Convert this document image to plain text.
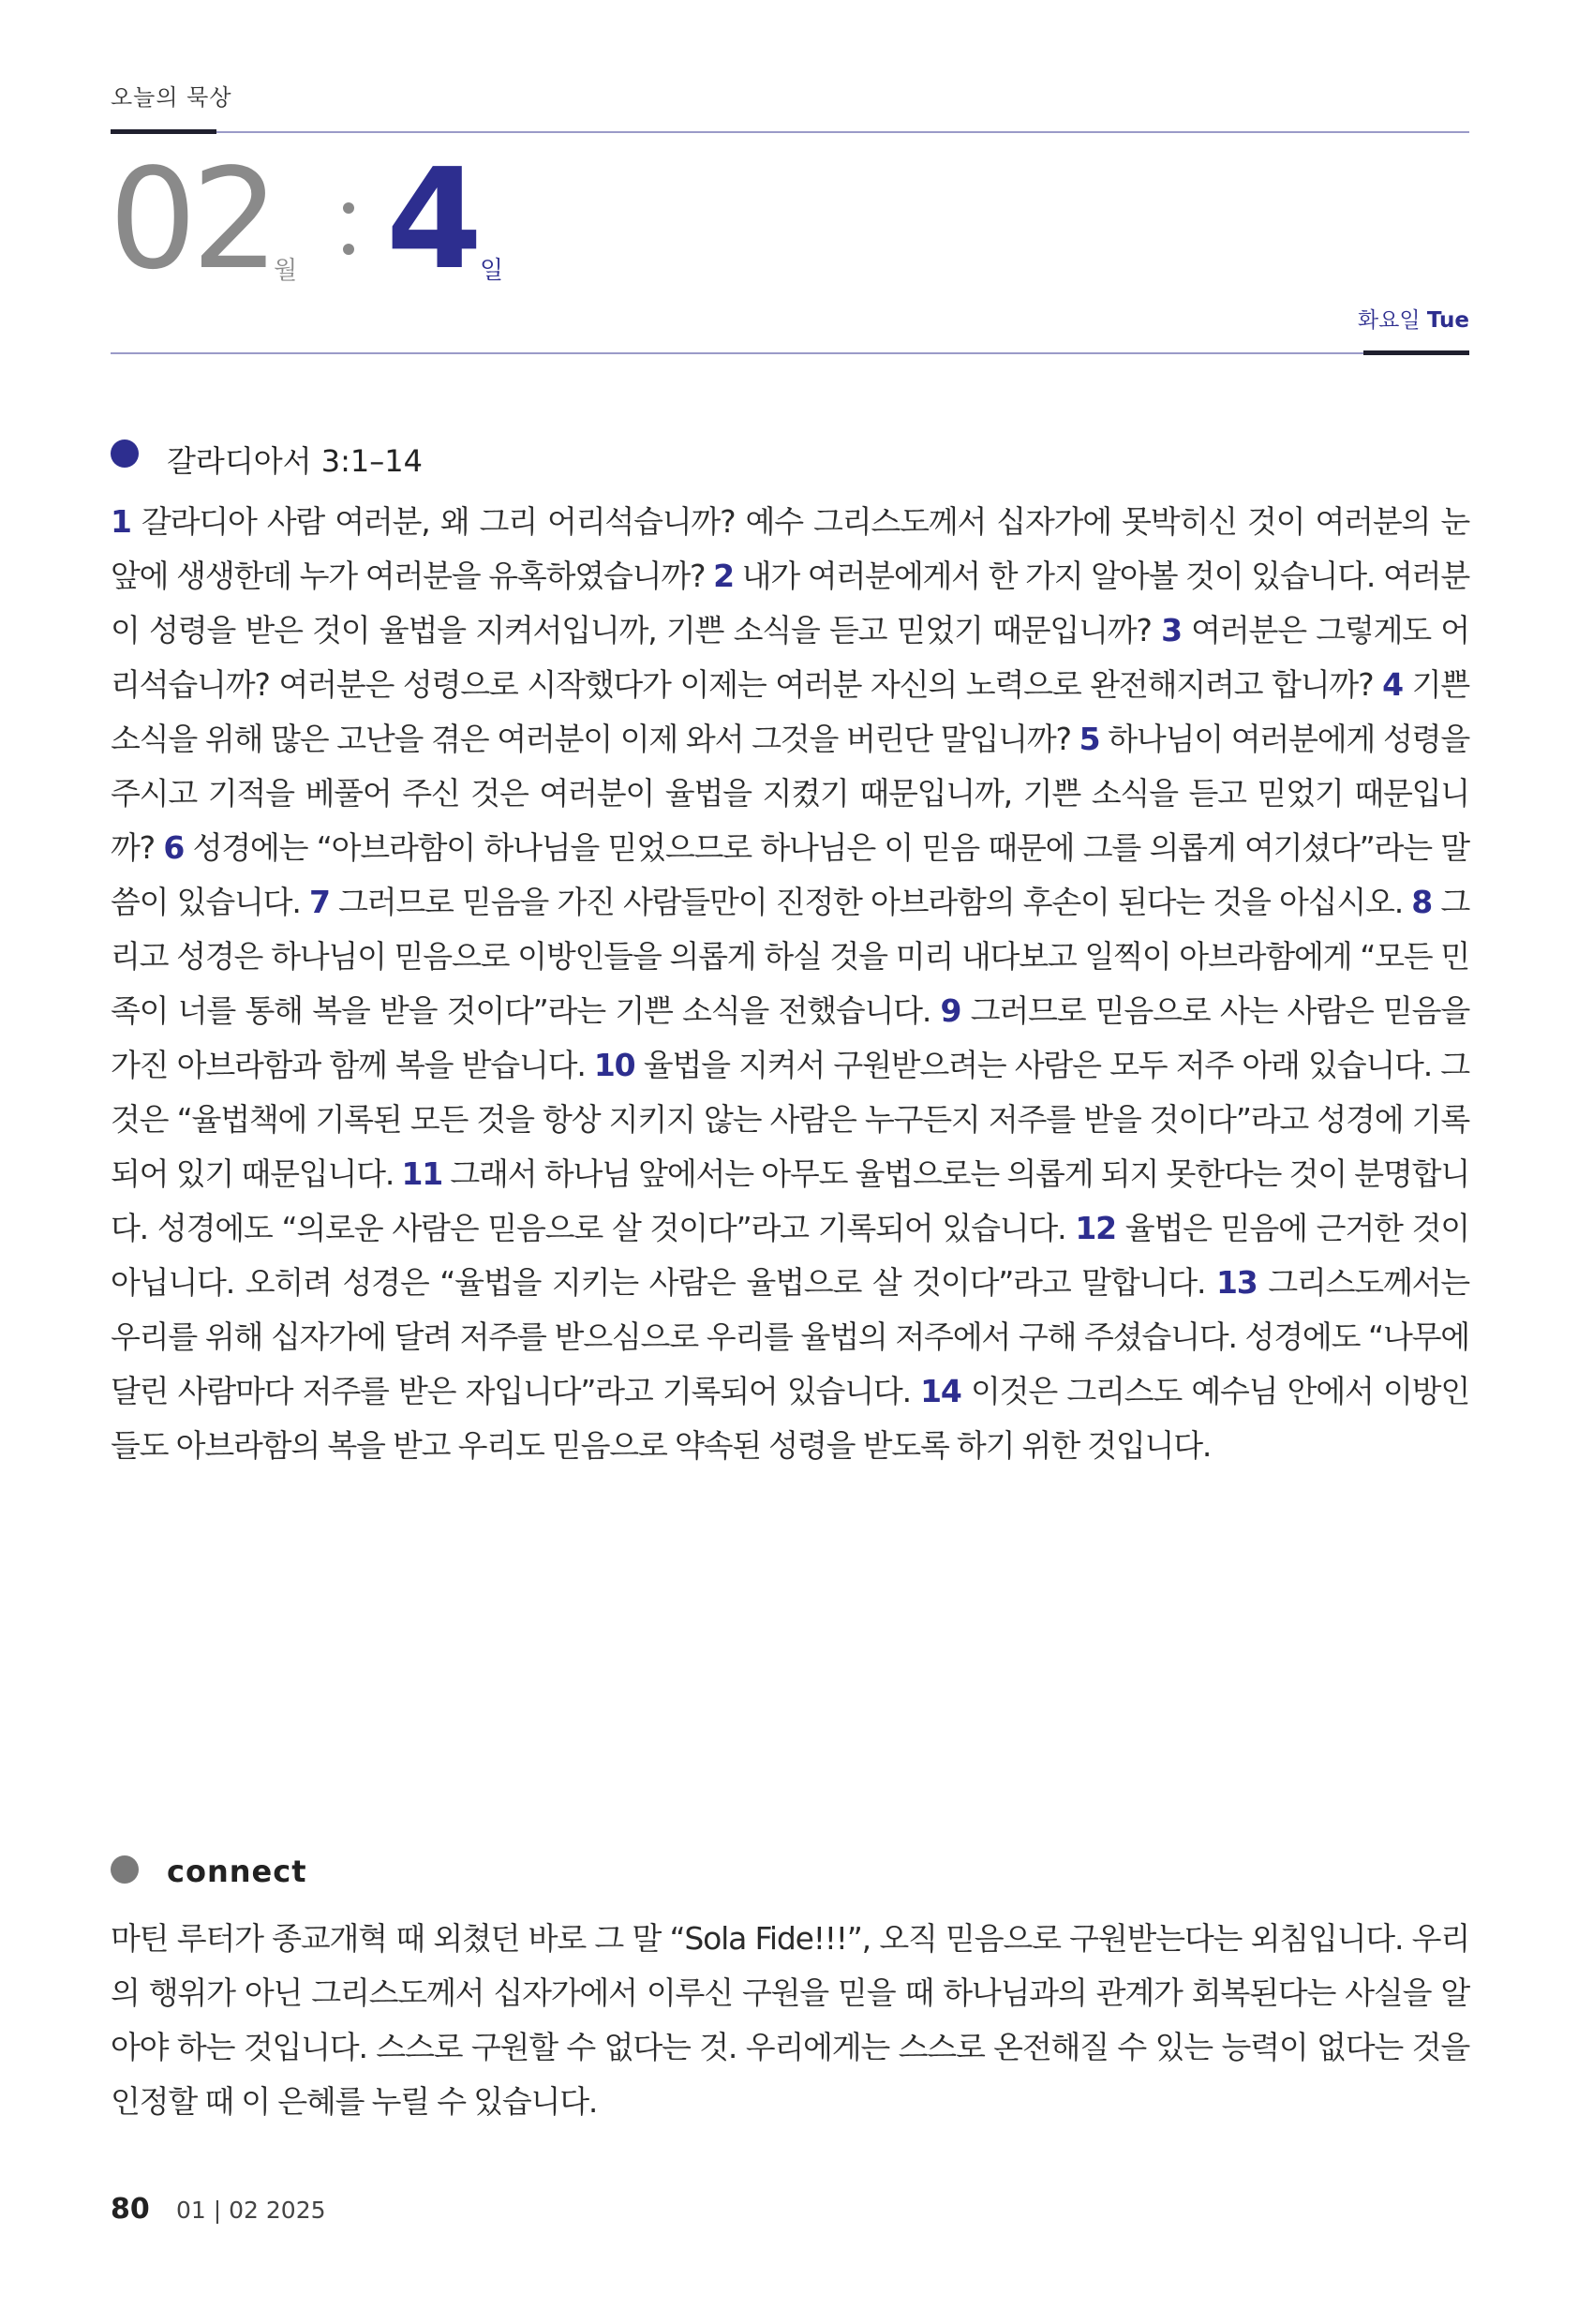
오늘의 묵상
02 월 4
일
화요일 Tue
갈라디아서 3:1–14
1 갈라디아 사람 여러분, 왜 그리 어리석습니까? 예수 그리스도께서 십자가에 못박히신 것이 여러분의 눈 앞에 생생한데 누가 여러분을 유혹하였습니까? 2 내가 여러분에게서 한 가지 알아볼 것이 있습니다. 여러분이 성령을 받은 것이 율법을 지켜서입니까, 기쁜 소식을 듣고 믿었기 때문입니까? 3 여러분은 그렇게도 어리석습니까? 여러분은 성령으로 시작했다가 이제는 여러분 자신의 노력으로 완전해지려고 합니까? 4 기쁜 소식을 위해 많은 고난을 겪은 여러분이 이제 와서 그것을 버린단 말입니까? 5 하나님이 여러분에게 성령을 주시고 기적을 베풀어 주신 것은 여러분이 율법을 지켰기 때문입니까, 기쁜 소식을 듣고 믿었기 때문입니까? 6 성경에는 “아브라함이 하나님을 믿었으므로 하나님은 이 믿음 때문에 그를 의롭게 여기셨다”라는 말씀이 있습니다. 7 그러므로 믿음을 가진 사람들만이 진정한 아브라함의 후손이 된다는 것을 아십시오. 8 그리고 성경은 하나님이 믿음으로 이방인들을 의롭게 하실 것을 미리 내다보고 일찍이 아브라함에게 “모든 민족이 너를 통해 복을 받을 것이다”라는 기쁜 소식을 전했습니다. 9 그러므로 믿음으로 사는 사람은 믿음을 가진 아브라함과 함께 복을 받습니다. 10 율법을 지켜서 구원받으려는 사람은 모두 저주 아래 있습니다. 그것은 “율법책에 기록된 모든 것을 항상 지키지 않는 사람은 누구든지 저주를 받을 것이다”라고 성경에 기록되어 있기 때문입니다. 11 그래서 하나님 앞에서는 아무도 율법으로는 의롭게 되지 못한다는 것이 분명합니다. 성경에도 “의로운 사람은 믿음으로 살 것이다”라고 기록되어 있습니다. 12 율법은 믿음에 근거한 것이 아닙니다. 오히려 성경은 “율법을 지키는 사람은 율법으로 살 것이다”라고 말합니다. 13 그리스도께서는 우리를 위해 십자가에 달려 저주를 받으심으로 우리를 율법의 저주에서 구해 주셨습니다. 성경에도 “나무에 달린 사람마다 저주를 받은 자입니다”라고 기록되어 있습니다. 14 이것은 그리스도 예수님 안에서 이방인들도 아브라함의 복을 받고 우리도 믿음으로 약속된 성령을 받도록 하기 위한 것입니다.
connect
마틴 루터가 종교개혁 때 외쳤던 바로 그 말 “Sola Fide!!!”, 오직 믿음으로 구원받는다는 외침입니다. 우리의 행위가 아닌 그리스도께서 십자가에서 이루신 구원을 믿을 때 하나님과의 관계가 회복된다는 사실을 알아야 하는 것입니다. 스스로 구원할 수 없다는 것. 우리에게는 스스로 온전해질 수 있는 능력이 없다는 것을 인정할 때 이 은혜를 누릴 수 있습니다.
80 01 | 02 2025
